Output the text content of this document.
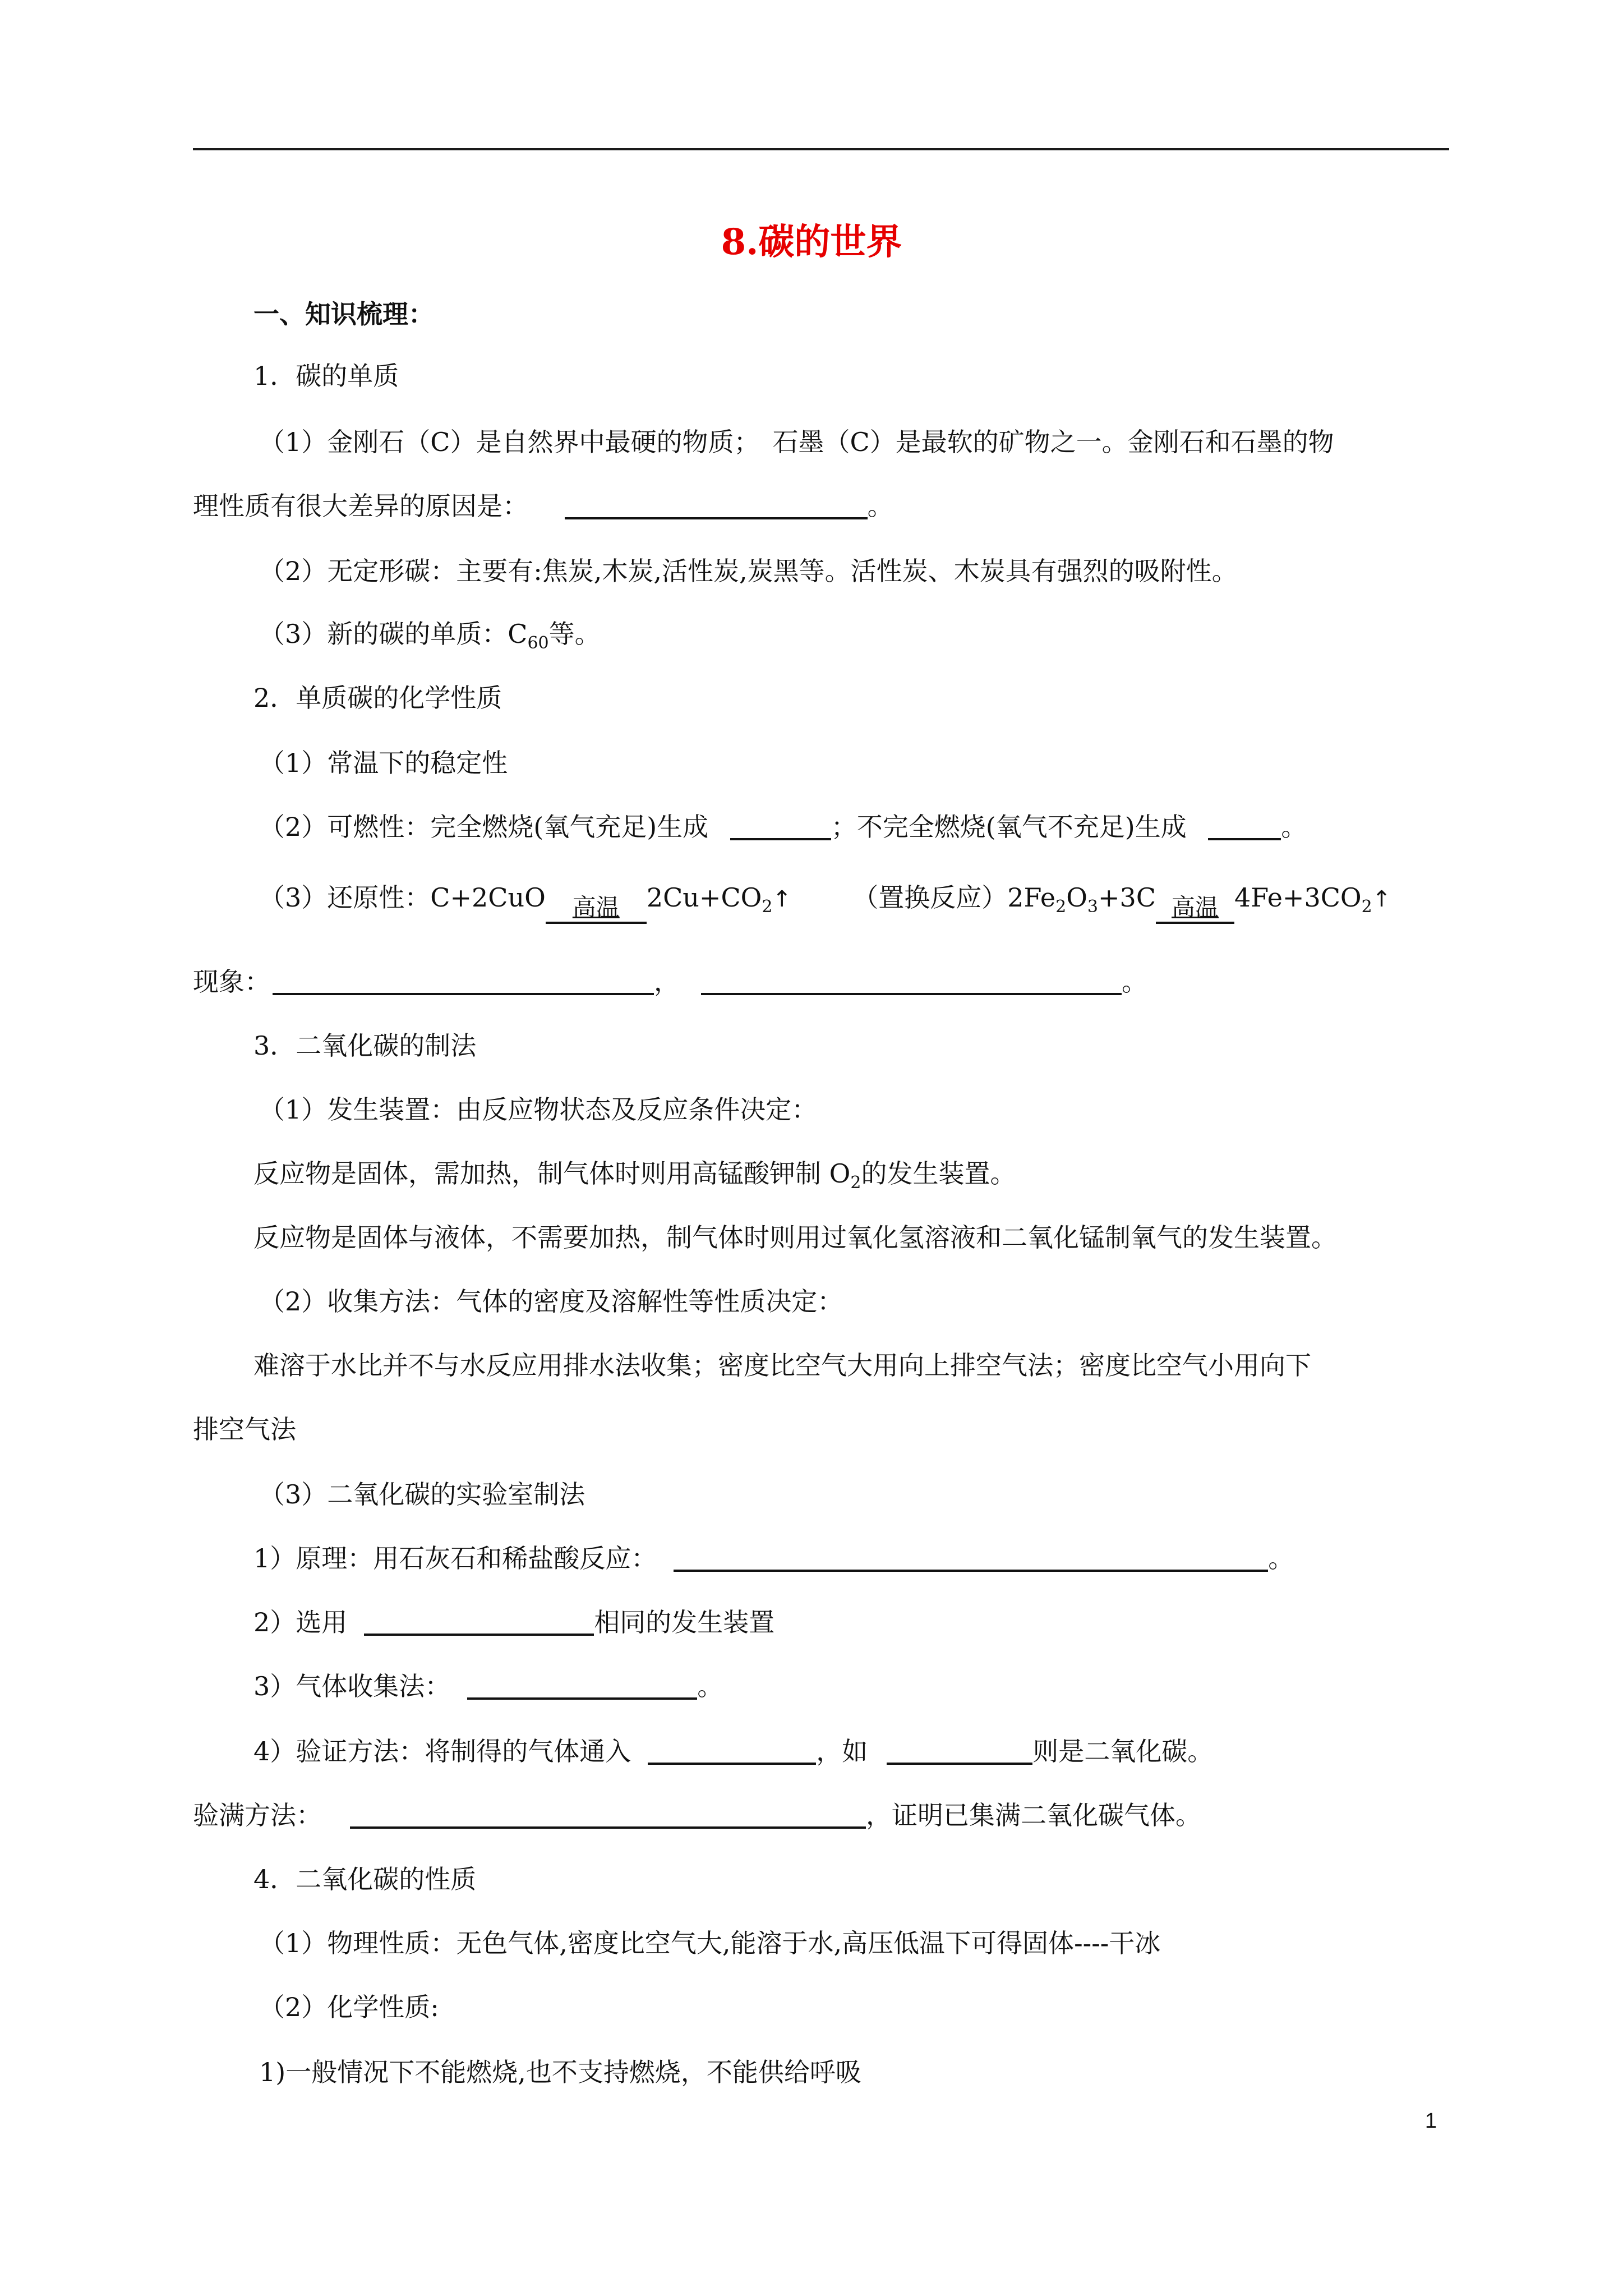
8.碳的世界
一、知识梳理：
1．碳的单质
（1）金刚石（C）是自然界中最硬的物质；　石墨（C）是最软的矿物之一。金刚石和石墨的物
理性质有很大差异的原因是：	。
（2）无定形碳：主要有:焦炭,木炭,活性炭,炭黑等。活性炭、木炭具有强烈的吸附性。
（3）新的碳的单质：$C_{60}$等。
2．单质碳的化学性质
（1）常温下的稳定性
（2）可燃性：完全燃烧(氧气充足)生成	；不完全燃烧(氧气不充足)生成	。
（3）还原性：C+2CuO	高温	$2Cu+CO_2↑$ （置换反应）$2Fe_2O_3+3C$ 高温 $4Fe+3CO_2↑$
现象：	，	。
3．二氧化碳的制法
（1）发生装置：由反应物状态及反应条件决定：
反应物是固体，需加热，制气体时则用高锰酸钾制 $O_2$的发生装置。
反应物是固体与液体，不需要加热，制气体时则用过氧化氢溶液和二氧化锰制氧气的发生装置。
（2）收集方法：气体的密度及溶解性等性质决定：
难溶于水比并不与水反应用排水法收集；密度比空气大用向上排空气法；密度比空气小用向下
排空气法
（3）二氧化碳的实验室制法
1）原理：用石灰石和稀盐酸反应：	。
2）选用	相同的发生装置
3）气体收集法：	。
4）验证方法：将制得的气体通入	，如	则是二氧化碳。
验满方法：	，证明已集满二氧化碳气体。
4．二氧化碳的性质
（1）物理性质：无色气体,密度比空气大,能溶于水,高压低温下可得固体----干冰
（2）化学性质:
1)一般情况下不能燃烧,也不支持燃烧，不能供给呼吸
1
